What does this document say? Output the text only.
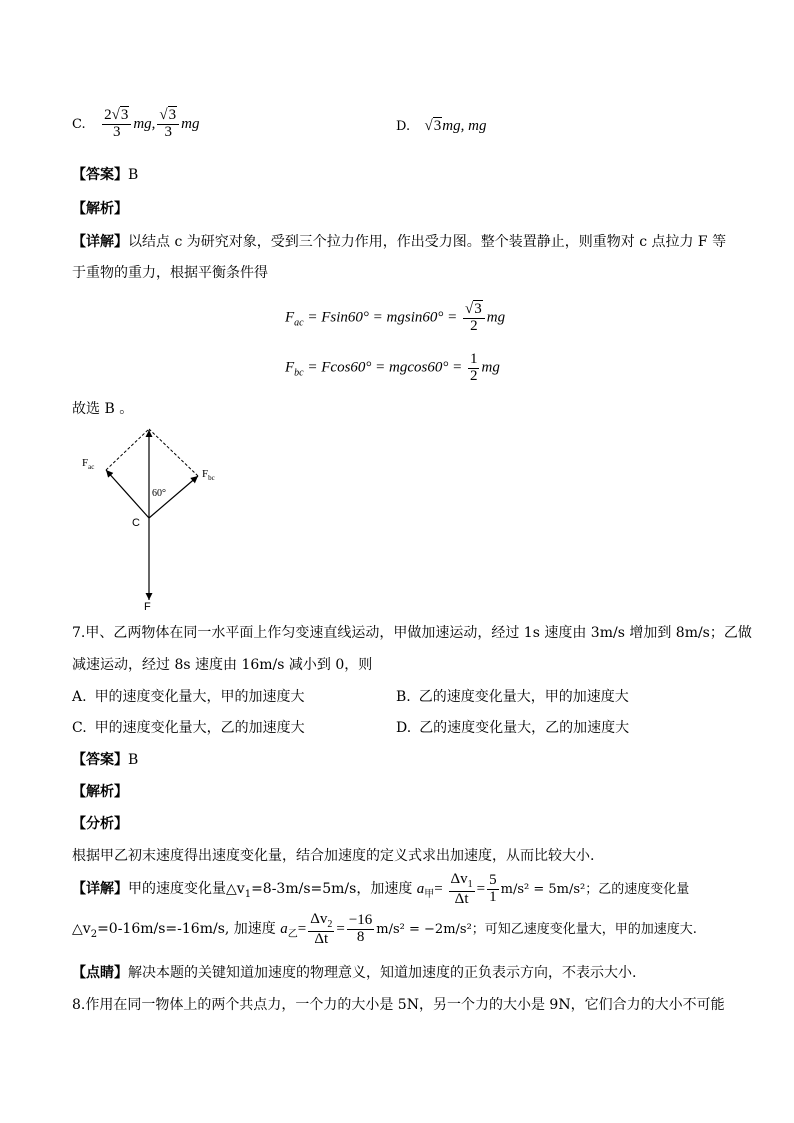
C. $\frac{2√3}{3}$ mg, $\frac{√3}{3}$ mg	D. √3mg, mg
【答案】B
【解析】
【详解】以结点 c 为研究对象，受到三个拉力作用，作出受力图。整个装置静止，则重物对 c 点拉力 F 等
于重物的重力，根据平衡条件得
$F_{ac} = Fsin60^\circ = mgsin60^\circ = \frac{√3}{2}$ mg
$F_{bc} = Fcos60^\circ = mgcos60^\circ = \frac{1}{2}$ mg
故选 B 。
$F_{ac}$
$F_{bc}$
60°
C
F
7.甲、乙两物体在同一水平面上作匀变速直线运动，甲做加速运动，经过 1s 速度由 3m/s 增加到 8m/s；乙做
减速运动，经过 8s 速度由 16m/s 减小到 0，则
A. 甲的速度变化量大，甲的加速度大	B. 乙的速度变化量大，甲的加速度大
C. 甲的速度变化量大，乙的加速度大	D. 乙的速度变化量大，乙的加速度大
【答案】B
【解析】
【分析】
根据甲乙初末速度得出速度变化量，结合加速度的定义式求出加速度，从而比较大小.
【详解】甲的速度变化量$\triangle v_1=8-3m/s=5m/s$，加速度 $a_甲= \frac{\Delta v_1}{\Delta t} = \frac{5}{1} m/s^2 = 5m/s^2$；乙的速度变化量
$\triangle v_2=0-16m/s=-16m/s$, 加速度 $a_乙= \frac{\Delta v_2}{\Delta t} = \frac{-16}{8} m/s^2 = -2m/s^2$；可知乙速度变化量大，甲的加速度大.
【点睛】解决本题的关键知道加速度的物理意义，知道加速度的正负表示方向，不表示大小.
8.作用在同一物体上的两个共点力，一个力的大小是 5N，另一个力的大小是 9N，它们合力的大小不可能
